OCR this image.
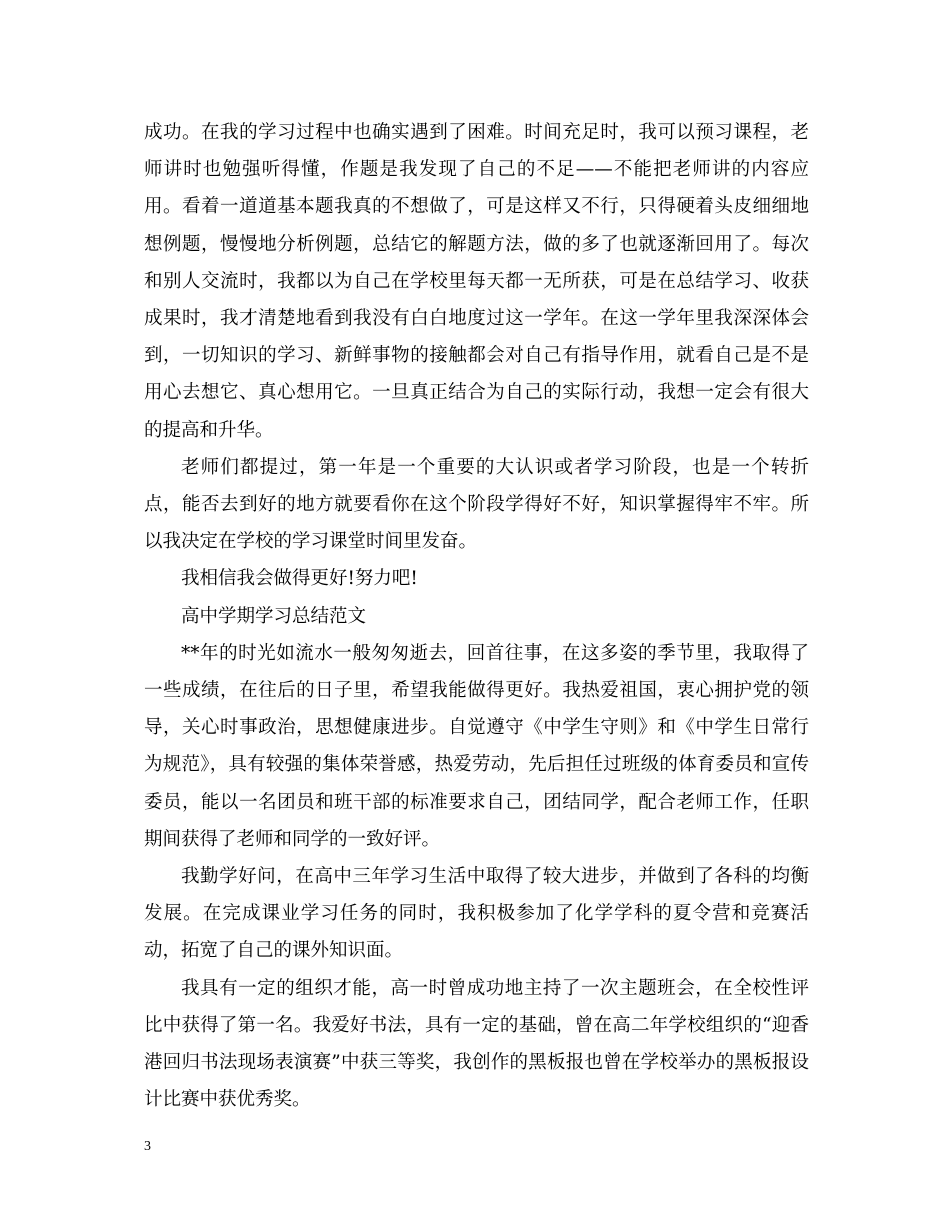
成功。在我的学习过程中也确实遇到了困难。时间充足时，我可以预习课程，老师讲时也勉强听得懂，作题是我发现了自己的不足——不能把老师讲的内容应用。看着一道道基本题我真的不想做了，可是这样又不行，只得硬着头皮细细地想例题，慢慢地分析例题，总结它的解题方法，做的多了也就逐渐回用了。每次和别人交流时，我都以为自己在学校里每天都一无所获，可是在总结学习、收获成果时，我才清楚地看到我没有白白地度过这一学年。在这一学年里我深深体会到，一切知识的学习、新鲜事物的接触都会对自己有指导作用，就看自己是不是用心去想它、真心想用它。一旦真正结合为自己的实际行动，我想一定会有很大的提高和升华。

老师们都提过，第一年是一个重要的大认识或者学习阶段，也是一个转折点，能否去到好的地方就要看你在这个阶段学得好不好，知识掌握得牢不牢。所以我决定在学校的学习课堂时间里发奋。

我相信我会做得更好!努力吧!

高中学期学习总结范文

**年的时光如流水一般匆匆逝去，回首往事，在这多姿的季节里，我取得了一些成绩，在往后的日子里，希望我能做得更好。我热爱祖国，衷心拥护党的领导，关心时事政治，思想健康进步。自觉遵守《中学生守则》和《中学生日常行为规范》，具有较强的集体荣誉感，热爱劳动，先后担任过班级的体育委员和宣传委员，能以一名团员和班干部的标准要求自己，团结同学，配合老师工作，任职期间获得了老师和同学的一致好评。

我勤学好问，在高中三年学习生活中取得了较大进步，并做到了各科的均衡发展。在完成课业学习任务的同时，我积极参加了化学学科的夏令营和竞赛活动，拓宽了自己的课外知识面。

我具有一定的组织才能，高一时曾成功地主持了一次主题班会，在全校性评比中获得了第一名。我爱好书法，具有一定的基础，曾在高二年学校组织的“迎香港回归书法现场表演赛”中获三等奖，我创作的黑板报也曾在学校举办的黑板报设计比赛中获优秀奖。

3
